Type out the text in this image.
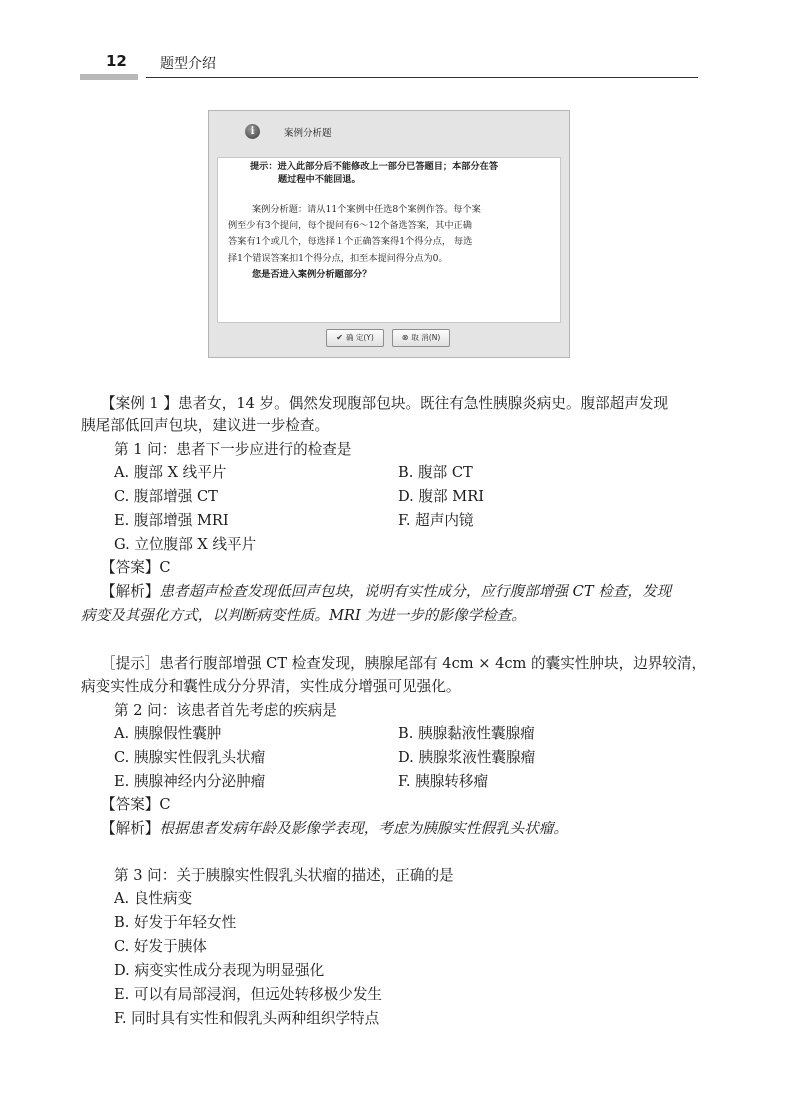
12 题型介绍
i	案例分析题
提示：进入此部分后不能修改上一部分已答题目；本部分在答
题过程中不能回退。
案例分析题：请从11个案例中任选8个案例作答。每个案
例至少有3个提问，每个提问有6～12个备选答案，其中正确
答案有1个或几个，每选择１个正确答案得1个得分点， 每选
择1个错误答案扣1个得分点，扣至本提问得分点为0。
您是否进入案例分析题部分？
✔ 确 定(Y)	⊗ 取 消(N)
【案例 1 】患者女，14 岁。偶然发现腹部包块。既往有急性胰腺炎病史。腹部超声发现
胰尾部低回声包块，建议进一步检查。
第 1 问：患者下一步应进行的检查是
A. 腹部 X 线平片	B. 腹部 CT
C. 腹部增强 CT	D. 腹部 MRI
E. 腹部增强 MRI	F. 超声内镜
G. 立位腹部 X 线平片
【答案】C
【解析】患者超声检查发现低回声包块，说明有实性成分，应行腹部增强 CT 检查，发现
病变及其强化方式，以判断病变性质。MRI 为进一步的影像学检查。
［提示］患者行腹部增强 CT 检查发现，胰腺尾部有 4cm × 4cm 的囊实性肿块，边界较清，
病变实性成分和囊性成分分界清，实性成分增强可见强化。
第 2 问：该患者首先考虑的疾病是
A. 胰腺假性囊肿	B. 胰腺黏液性囊腺瘤
C. 胰腺实性假乳头状瘤	D. 胰腺浆液性囊腺瘤
E. 胰腺神经内分泌肿瘤	F. 胰腺转移瘤
【答案】C
【解析】根据患者发病年龄及影像学表现，考虑为胰腺实性假乳头状瘤。
第 3 问：关于胰腺实性假乳头状瘤的描述，正确的是
A. 良性病变
B. 好发于年轻女性
C. 好发于胰体
D. 病变实性成分表现为明显强化
E. 可以有局部浸润，但远处转移极少发生
F. 同时具有实性和假乳头两种组织学特点
